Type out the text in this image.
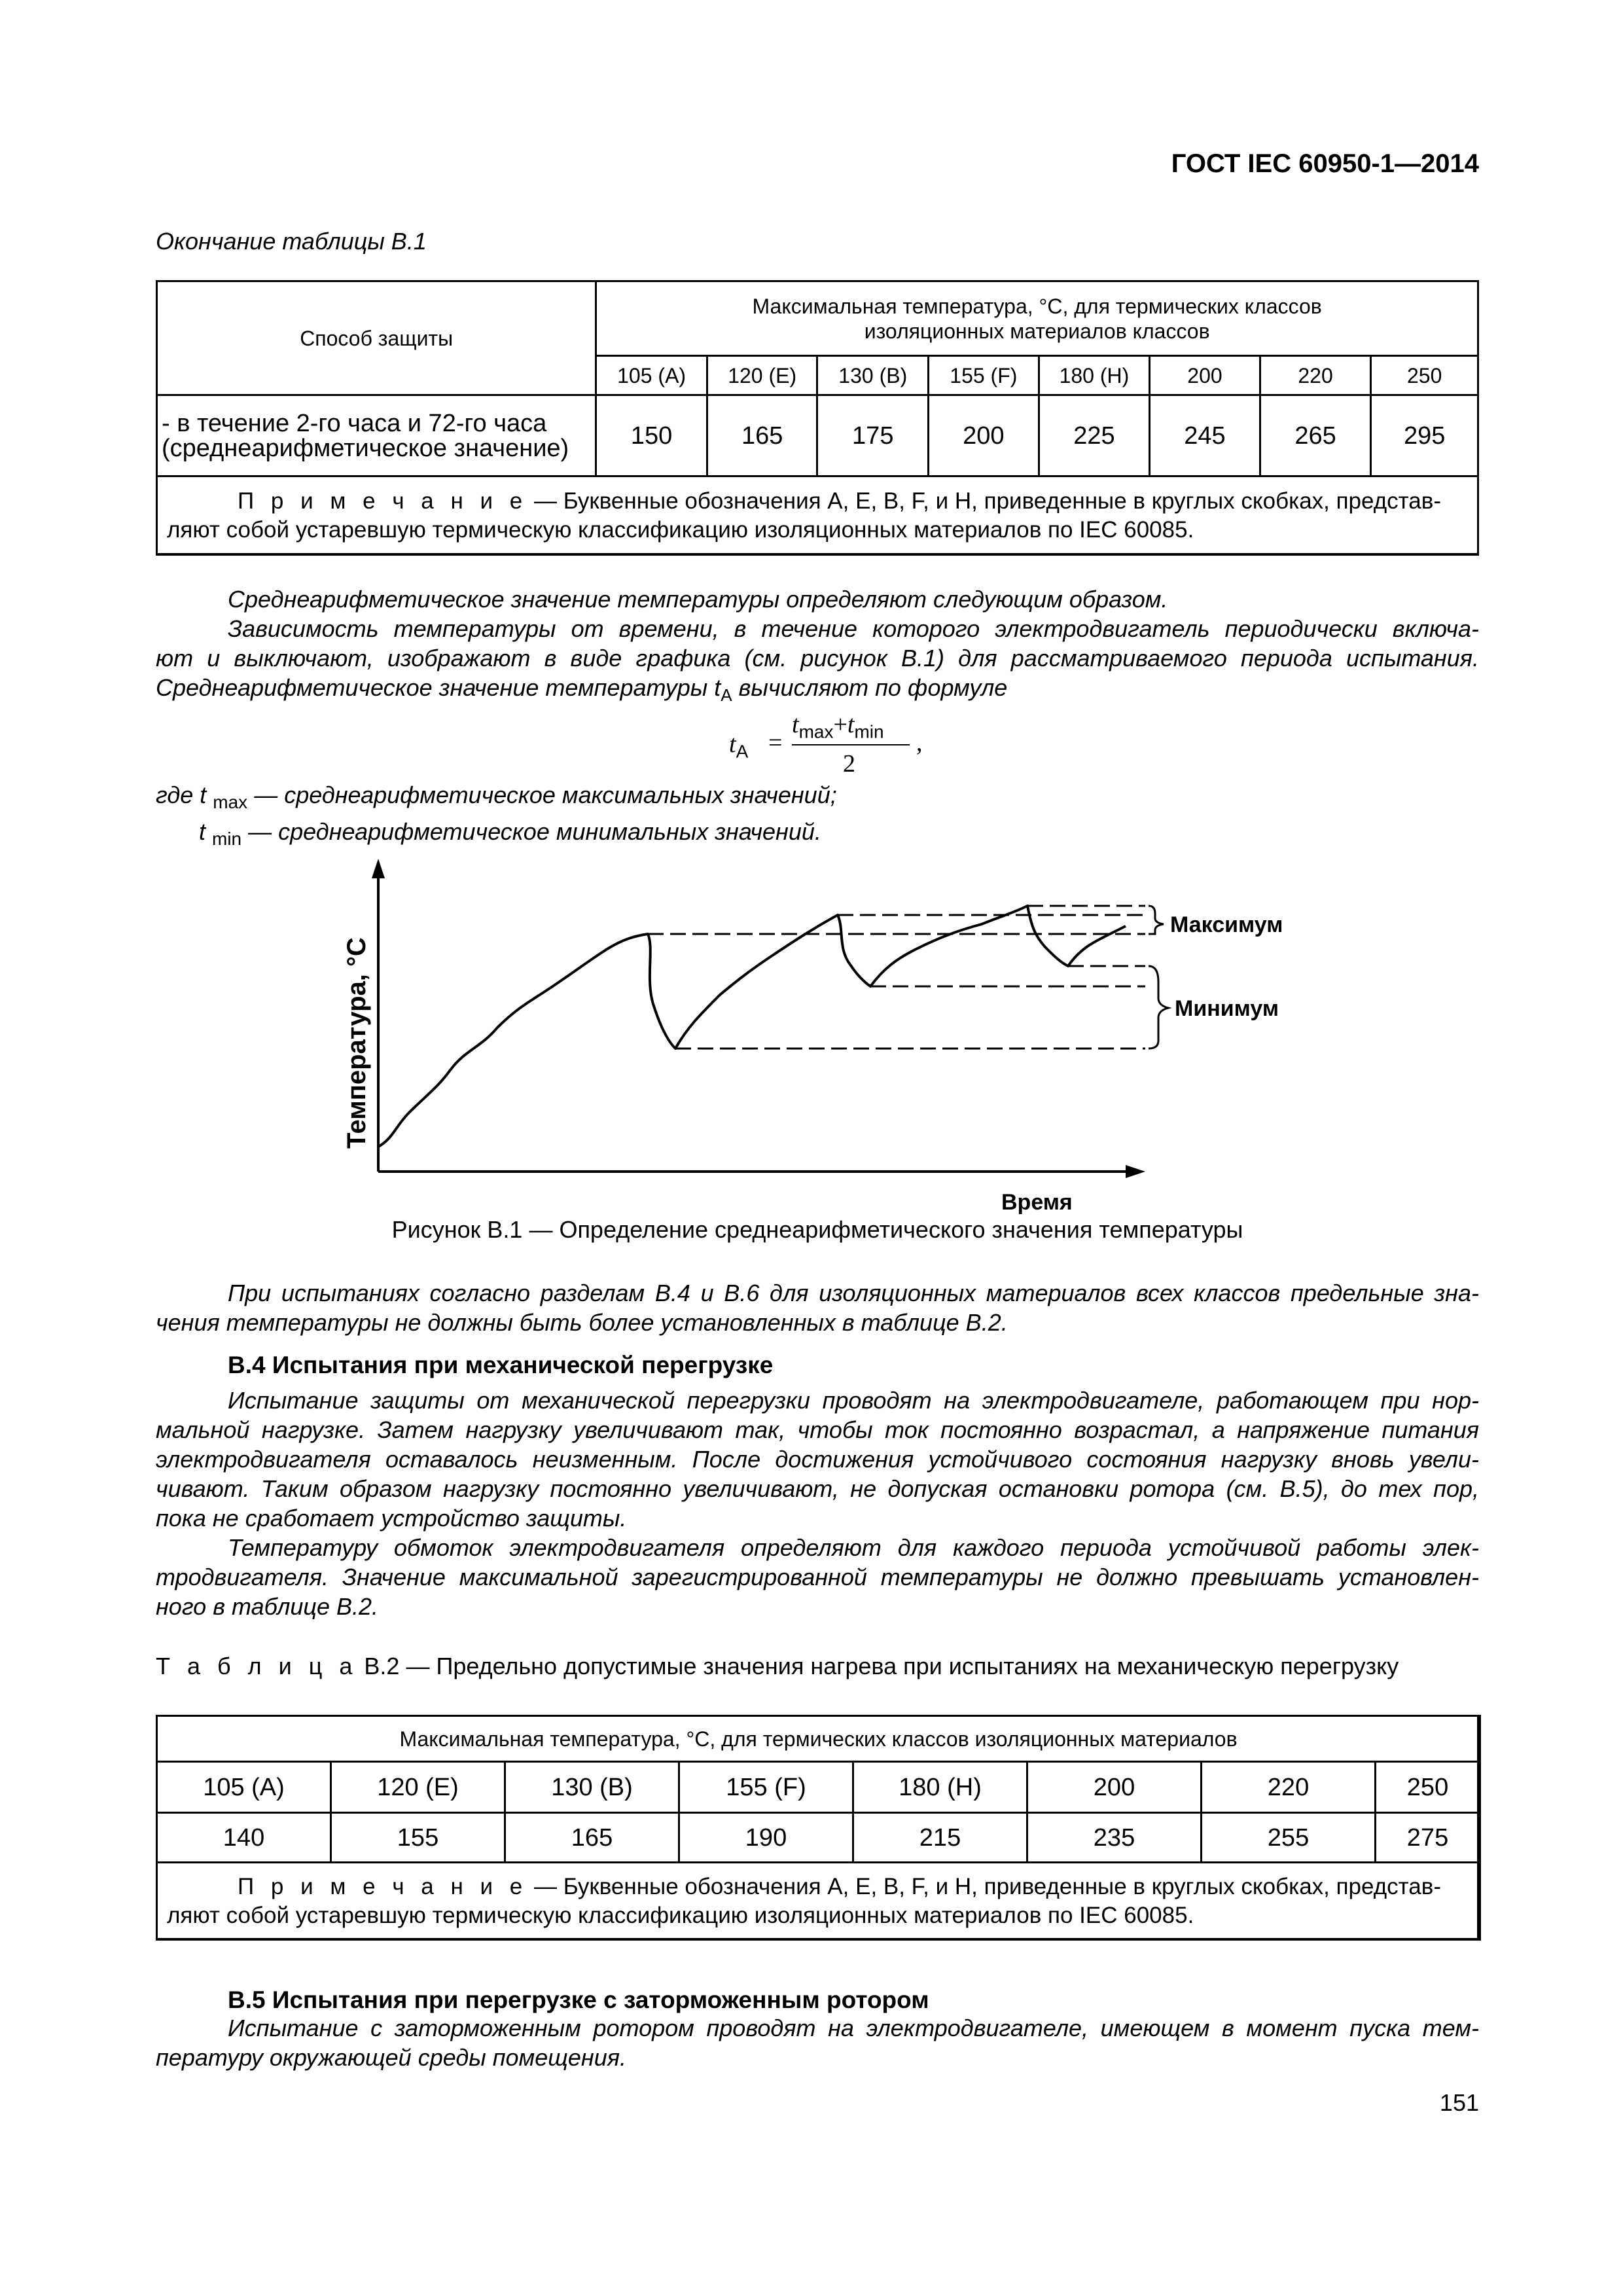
ГОСТ IEC 60950-1—2014
Окончание таблицы В.1
Способ защиты	Максимальная температура, °С, для термических классов
изоляционных материалов классов							

	105 (A)	120 (E)	130 (B)	155 (F)	180 (H)	200	220	250

- в течение 2-го часа и 72-го часа
(среднеарифметическое значение)	150	165	175	200	225	245	265	295

П р и м е ч а н и е — Буквенные обозначения A, E, B, F, и H, приведенные в круглых скобках, представ-
ляют собой устаревшую термическую классификацию изоляционных материалов по IEC 60085.								
Среднеарифметическое значение температуры определяют следующим образом.
Зависимость температуры от времени, в течение которого электродвигатель периодически включа-
ют и выключают, изображают в виде графика (см. рисунок В.1) для рассматриваемого периода испытания.
Среднеарифметическое значение температуры $t_A$ вычисляют по формуле
$t_A$ =
$t_{max}+t_{min}$
2
,
где t $_{max}$ — среднеарифметическое максимальных значений;
t $_{min}$ — среднеарифметическое минимальных значений.
Максимум
Минимум
Время
Температура, °С
Рисунок В.1 — Определение среднеарифметического значения температуры
При испытаниях согласно разделам В.4 и В.6 для изоляционных материалов всех классов предельные зна-
чения температуры не должны быть более установленных в таблице В.2.
В.4 Испытания при механической перегрузке
Испытание защиты от механической перегрузки проводят на электродвигателе, работающем при нор-
мальной нагрузке. Затем нагрузку увеличивают так, чтобы ток постоянно возрастал, а напряжение питания
электродвигателя оставалось неизменным. После достижения устойчивого состояния нагрузку вновь увели-
чивают. Таким образом нагрузку постоянно увеличивают, не допуская остановки ротора (см. В.5), до тех пор,
пока не сработает устройство защиты.
Температуру обмоток электродвигателя определяют для каждого периода устойчивой работы элек-
тродвигателя. Значение максимальной зарегистрированной температуры не должно превышать установлен-
ного в таблице В.2.
Т а б л и ц а В.2 — Предельно допустимые значения нагрева при испытаниях на механическую перегрузку
Максимальная температура, °С, для термических классов изоляционных материалов							
105 (A)	120 (E)	130 (B)	155 (F)	180 (H)	200	220	250
140	155	165	190	215	235	255	275

П р и м е ч а н и е — Буквенные обозначения A, E, B, F, и H, приведенные в круглых скобках, представ-
ляют собой устаревшую термическую классификацию изоляционных материалов по IEC 60085.							
В.5 Испытания при перегрузке с заторможенным ротором
Испытание с заторможенным ротором проводят на электродвигателе, имеющем в момент пуска тем-
пературу окружающей среды помещения.
151
